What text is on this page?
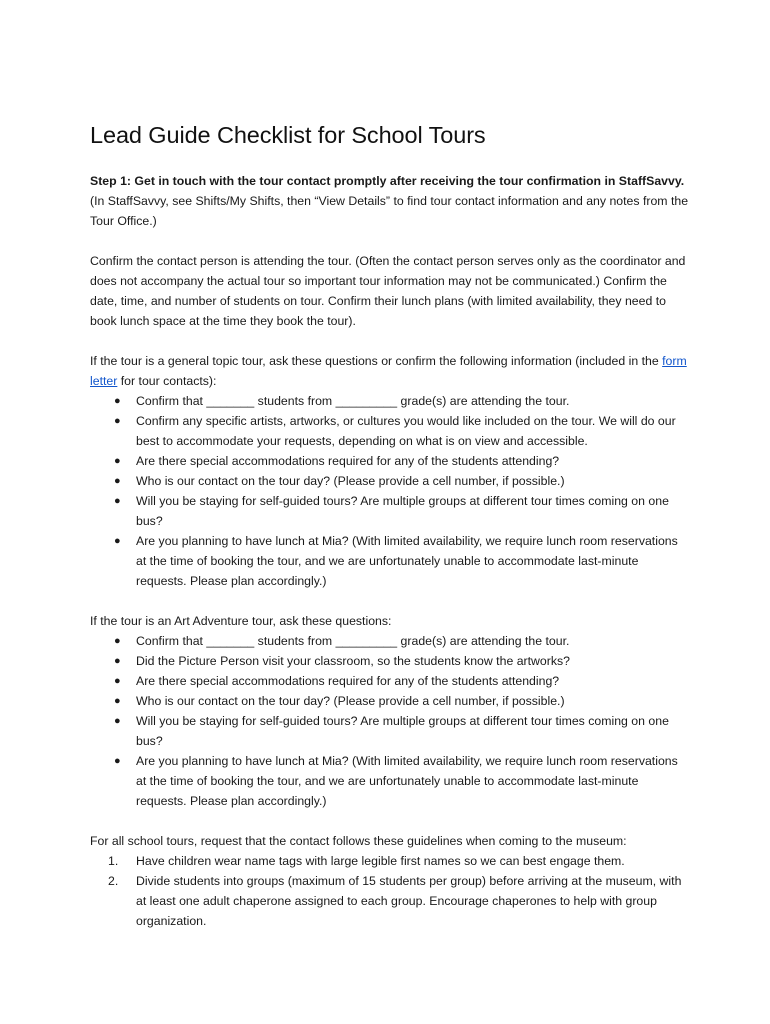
Lead Guide Checklist for School Tours

Step 1: Get in touch with the tour contact promptly after receiving the tour confirmation in StaffSavvy. (In StaffSavvy, see Shifts/My Shifts, then “View Details” to find tour contact information and any notes from the Tour Office.)

Confirm the contact person is attending the tour. (Often the contact person serves only as the coordinator and does not accompany the actual tour so important tour information may not be communicated.) Confirm the date, time, and number of students on tour. Confirm their lunch plans (with limited availability, they need to book lunch space at the time they book the tour).

If the tour is a general topic tour, ask these questions or confirm the following information (included in the form letter for tour contacts):

● Confirm that _______ students from _________ grade(s) are attending the tour.
● Confirm any specific artists, artworks, or cultures you would like included on the tour. We will do our best to accommodate your requests, depending on what is on view and accessible.
● Are there special accommodations required for any of the students attending?
● Who is our contact on the tour day? (Please provide a cell number, if possible.)
● Will you be staying for self-guided tours? Are multiple groups at different tour times coming on one bus?
● Are you planning to have lunch at Mia? (With limited availability, we require lunch room reservations at the time of booking the tour, and we are unfortunately unable to accommodate last-minute requests. Please plan accordingly.)

If the tour is an Art Adventure tour, ask these questions:

● Confirm that _______ students from _________ grade(s) are attending the tour.
● Did the Picture Person visit your classroom, so the students know the artworks?
● Are there special accommodations required for any of the students attending?
● Who is our contact on the tour day? (Please provide a cell number, if possible.)
● Will you be staying for self-guided tours? Are multiple groups at different tour times coming on one bus?
● Are you planning to have lunch at Mia? (With limited availability, we require lunch room reservations at the time of booking the tour, and we are unfortunately unable to accommodate last-minute requests. Please plan accordingly.)

For all school tours, request that the contact follows these guidelines when coming to the museum:

1.	Have children wear name tags with large legible first names so we can best engage them.
2.	Divide students into groups (maximum of 15 students per group) before arriving at the museum, with at least one adult chaperone assigned to each group. Encourage chaperones to help with group organization.
